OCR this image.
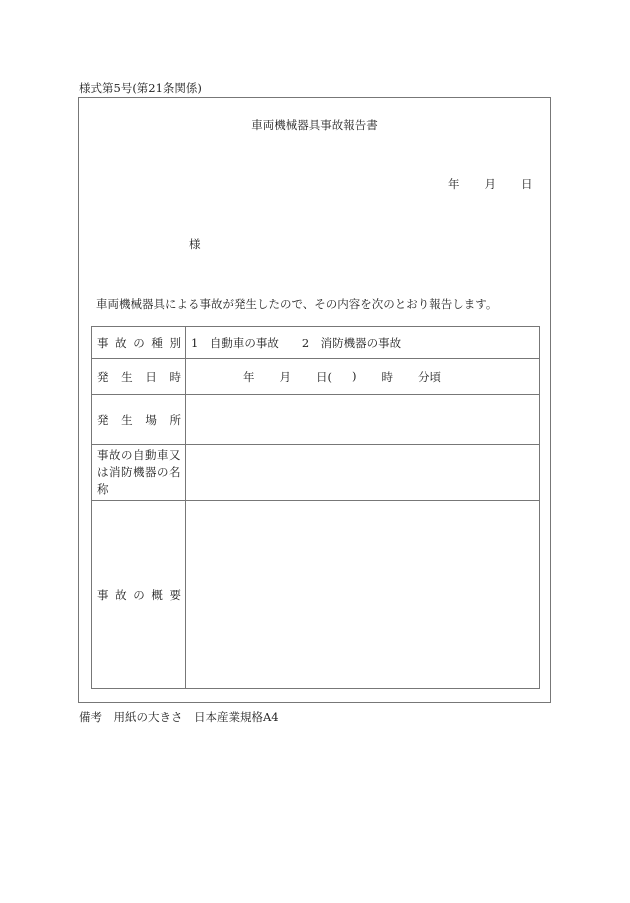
様式第5号(第21条関係)
車両機械器具事故報告書
年 月 日
様
車両機械器具による事故が発生したので、その内容を次のとおり報告します。
事 故 の 種 別	1　自動車の事故　　2　消防機器の事故

発 生 日 時	年 月 日( ) 時 分頃

発 生 場 所	

事故の自動車又は消防機器の名称	

事 故 の 概 要	

備考　用紙の大きさ　日本産業規格A4
